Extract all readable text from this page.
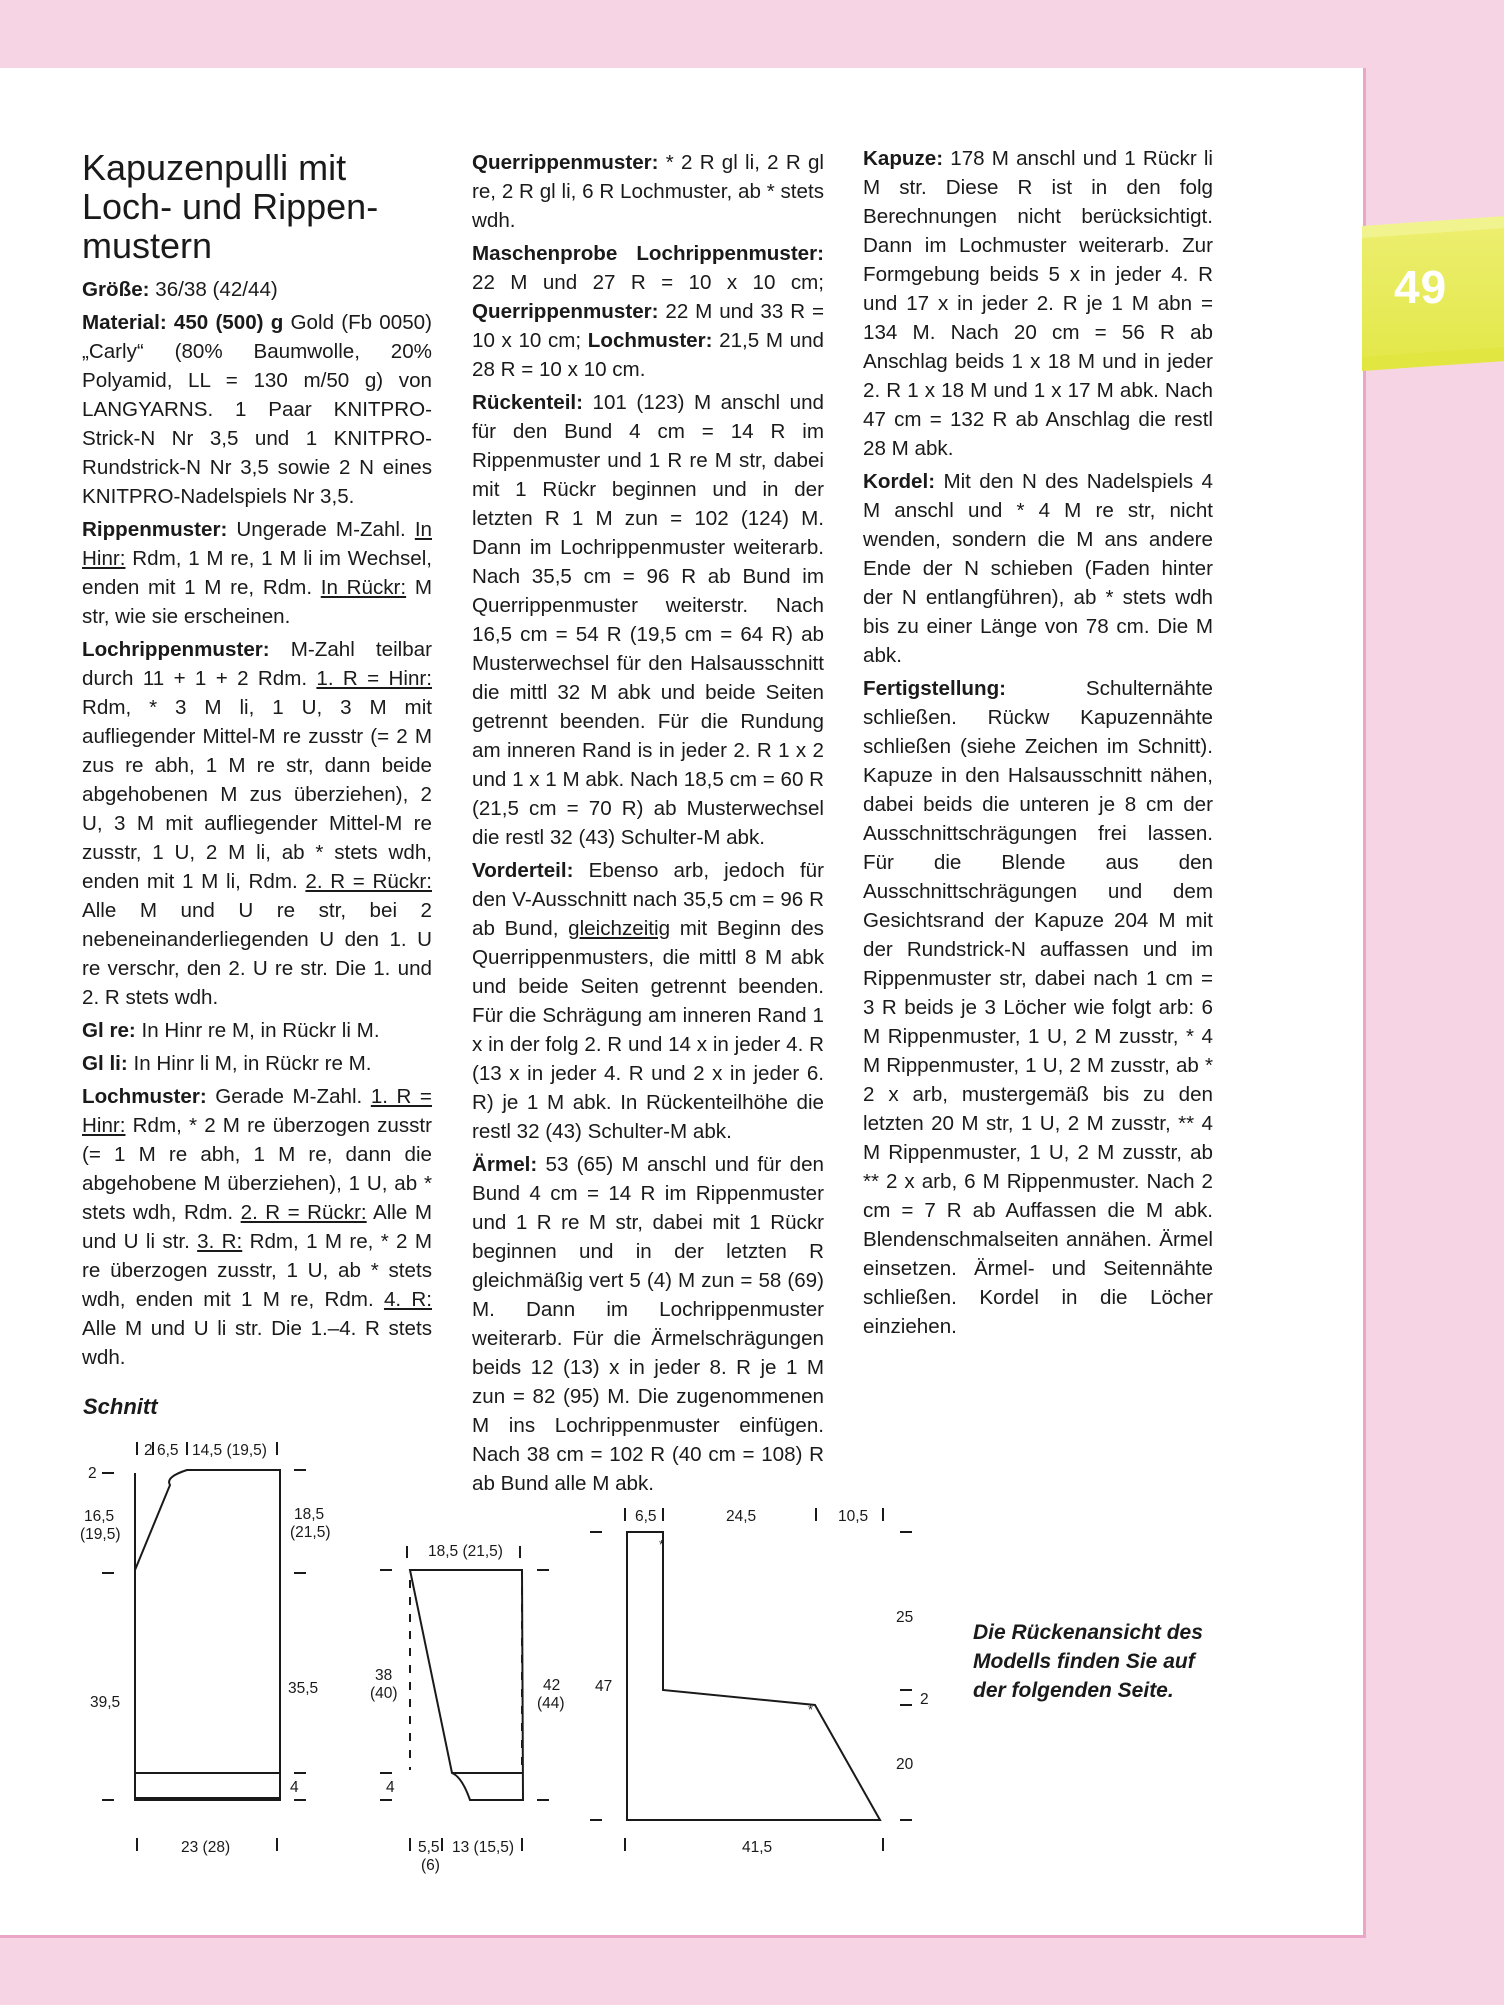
49
Kapuzenpulli mit Loch- und Rippenmustern

Größe: 36/38 (42/44)

Material: 450 (500) g Gold (Fb 0050) „Carly“ (80% Baumwolle, 20% Polyamid, LL = 130 m/50 g) von LANGYARNS. 1 Paar KNITPRO-Strick-N Nr 3,5 und 1 KNITPRO-Rundstrick-N Nr 3,5 sowie 2 N eines KNITPRO-Nadelspiels Nr 3,5.

Rippenmuster: Ungerade M-Zahl. In Hinr: Rdm, 1 M re, 1 M li im Wechsel, enden mit 1 M re, Rdm. In Rückr: M str, wie sie erscheinen.

Lochrippenmuster: M-Zahl teilbar durch 11 + 1 + 2 Rdm. 1. R = Hinr: Rdm, * 3 M li, 1 U, 3 M mit aufliegender Mittel-M re zusstr (= 2 M zus re abh, 1 M re str, dann beide abgehobenen M zus überziehen), 2 U, 3 M mit aufliegender Mittel-M re zusstr, 1 U, 2 M li, ab * stets wdh, enden mit 1 M li, Rdm. 2. R = Rückr: Alle M und U re str, bei 2 nebeneinanderliegenden U den 1. U re verschr, den 2. U re str. Die 1. und 2. R stets wdh.

Gl re: In Hinr re M, in Rückr li M.

Gl li: In Hinr li M, in Rückr re M.

Lochmuster: Gerade M-Zahl. 1. R = Hinr: Rdm, * 2 M re überzogen zusstr (= 1 M re abh, 1 M re, dann die abgehobene M überziehen), 1 U, ab * stets wdh, Rdm. 2. R = Rückr: Alle M und U li str. 3. R: Rdm, 1 M re, * 2 M re überzogen zusstr, 1 U, ab * stets wdh, enden mit 1 M re, Rdm. 4. R: Alle M und U li str. Die 1.–4. R stets wdh.

Querrippenmuster: * 2 R gl li, 2 R gl re, 2 R gl li, 6 R Lochmuster, ab * stets wdh.

Maschenprobe Lochrippenmuster: 22 M und 27 R = 10 x 10 cm; Querrippenmuster: 22 M und 33 R = 10 x 10 cm; Lochmuster: 21,5 M und 28 R = 10 x 10 cm.

Rückenteil: 101 (123) M anschl und für den Bund 4 cm = 14 R im Rippenmuster und 1 R re M str, dabei mit 1 Rückr beginnen und in der letzten R 1 M zun = 102 (124) M. Dann im Lochrippenmuster weiterarb. Nach 35,5 cm = 96 R ab Bund im Querrippenmuster weiterstr. Nach 16,5 cm = 54 R (19,5 cm = 64 R) ab Musterwechsel für den Halsausschnitt die mittl 32 M abk und beide Seiten getrennt beenden. Für die Rundung am inneren Rand is in jeder 2. R 1 x 2 und 1 x 1 M abk. Nach 18,5 cm = 60 R (21,5 cm = 70 R) ab Musterwechsel die restl 32 (43) Schulter-M abk.

Vorderteil: Ebenso arb, jedoch für den V-Ausschnitt nach 35,5 cm = 96 R ab Bund, gleichzeitig mit Beginn des Querrippenmusters, die mittl 8 M abk und beide Seiten getrennt beenden. Für die Schrägung am inneren Rand 1 x in der folg 2. R und 14 x in jeder 4. R (13 x in jeder 4. R und 2 x in jeder 6. R) je 1 M abk. In Rückenteilhöhe die restl 32 (43) Schulter-M abk.

Ärmel: 53 (65) M anschl und für den Bund 4 cm = 14 R im Rippenmuster und 1 R re M str, dabei mit 1 Rückr beginnen und in der letzten R gleichmäßig vert 5 (4) M zun = 58 (69) M. Dann im Lochrippenmuster weiterarb. Für die Ärmelschrägungen beids 12 (13) x in jeder 8. R je 1 M zun = 82 (95) M. Die zugenommenen M ins Lochrippenmuster einfügen. Nach 38 cm = 102 R (40 cm = 108) R ab Bund alle M abk.

Kapuze: 178 M anschl und 1 Rückr li M str. Diese R ist in den folg Berechnungen nicht berücksichtigt. Dann im Lochmuster weiterarb. Zur Formgebung beids 5 x in jeder 4. R und 17 x in jeder 2. R je 1 M abn = 134 M. Nach 20 cm = 56 R ab Anschlag beids 1 x 18 M und in jeder 2. R 1 x 18 M und 1 x 17 M abk. Nach 47 cm = 132 R ab Anschlag die restl 28 M abk.

Kordel: Mit den N des Nadelspiels 4 M anschl und * 4 M re str, nicht wenden, sondern die M ans andere Ende der N schieben (Faden hinter der N entlangführen), ab * stets wdh bis zu einer Länge von 78 cm. Die M abk.

Fertigstellung:	Schulternähte schließen. Rückw Kapuzennähte schließen (siehe Zeichen im Schnitt). Kapuze in den Halsausschnitt nähen, dabei beids die unteren je 8 cm der Ausschnittschrägungen frei lassen. Für die Blende aus den Ausschnittschrägungen und dem Gesichtsrand der Kapuze 204 M mit der Rundstrick-N auffassen und im Rippenmuster str, dabei nach 1 cm = 3 R beids je 3 Löcher wie folgt arb: 6 M Rippenmuster, 1 U, 2 M zusstr, * 4 M Rippenmuster, 1 U, 2 M zusstr, ab * 2 x arb, mustergemäß bis zu den letzten 20 M str, 1 U, 2 M zusstr, ** 4 M Rippenmuster, 1 U, 2 M zusstr, ab ** 2 x arb, 6 M Rippenmuster. Nach 2 cm = 7 R ab Auffassen die M abk. Blendenschmalseiten annähen. Ärmel einsetzen. Ärmel- und Seitennähte schließen. Kordel in die Löcher einziehen.

Schnitt
Die Rückenansicht des Modells finden Sie auf der folgenden Seite.
2 6,5 14,5 (19,5)
2
16,5
(19,5)
39,5
18,5
(21,5)
35,5
4
23 (28)
18,5 (21,5)
38
(40)
4
42
(44)
5,5
(6)
13 (15,5)
6,5	24,5	10,5
47
25
2
20
41,5
*
*
